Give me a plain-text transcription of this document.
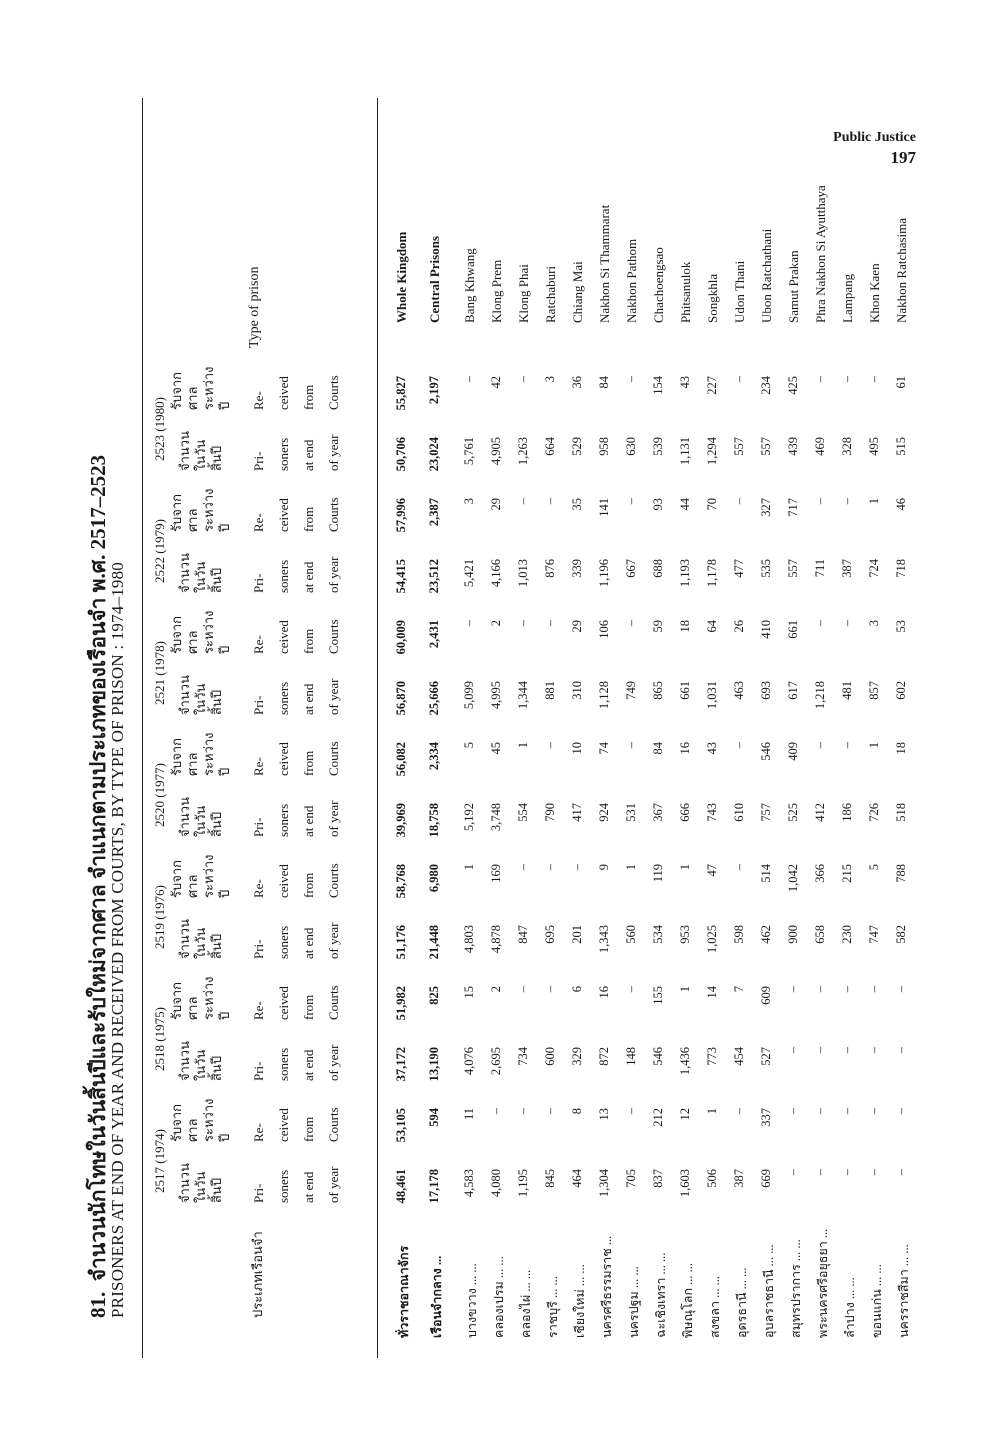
Public Justice
197
81.  จำนวนนักโทษในวันสิ้นปีและรับใหม่จากศาล จำแนกตามประเภทของเรือนจำ พ.ศ. 2517–2523
PRISONERS AT END OF YEAR AND RECEIVED FROM COURTS, BY TYPE OF PRISON : 1974–1980	ประเภทเรือนจำ
Type of prison
2517 (1974) จำนวน ในวัน สิ้นปี
รับจาก ศาล ระหว่าง ปี
Pri- soners at end of year
Re- ceived from Courts
2518 (1975) จำนวน ในวัน สิ้นปี
รับจาก ศาล ระหว่าง ปี
Pri- soners at end of year
Re- ceived from Courts
2519 (1976) จำนวน ในวัน สิ้นปี
รับจาก ศาล ระหว่าง ปี
Pri- soners at end of year
Re- ceived from Courts
2520 (1977) จำนวน ในวัน สิ้นปี
รับจาก ศาล ระหว่าง ปี
Pri- soners at end of year
Re- ceived from Courts
2521 (1978) จำนวน ในวัน สิ้นปี
รับจาก ศาล ระหว่าง ปี
Pri- soners at end of year
Re- ceived from Courts
2522 (1979) จำนวน ในวัน สิ้นปี
รับจาก ศาล ระหว่าง ปี
Pri- soners at end of year
Re- ceived from Courts
2523 (1980) จำนวน ในวัน สิ้นปี
รับจาก ศาล ระหว่าง ปี
Pri- soners at end of year
Re- ceived from Courts
ทั่วราชอาณาจักร
48,461
53,105
37,172
51,982
51,176
58,768
39,969
56,082
56,870
60,009
54,415
57,996
50,706
55,827
Whole Kingdom
เรือนจำกลาง ...
17,178
594
13,190
825
21,448
6,980
18,758
2,334
25,666
2,431
23,512
2,387
23,024
2,197
Central Prisons
บางขวาง ... ...
4,583
11
4,076
15
4,803
1
5,192
5
5,099
–
5,421
3
5,761
–
Bang Khwang
คลองเปรม ... ...
4,080
–
2,695
2
4,878
169
3,748
45
4,995
2
4,166
29
4,905
42
Klong Prem
คลองไผ่ ... ...
1,195
–
734
–
847
–
554
1
1,344
–
1,013
–
1,263
–
Klong Phai
ราชบุรี ... ...
845
–
600
–
695
–
790
–
881
–
876
–
664
3
Ratchaburi
เชียงใหม่ ... ...
464
8
329
6
201
–
417
10
310
29
339
35
529
36
Chiang Mai
นครศรีธรรมราช ...
1,304
13
872
16
1,343
9
924
74
1,128
106
1,196
141
958
84
Nakhon Si Thammarat
นครปฐม ... ...
705
–
148
–
560
1
531
–
749
–
667
–
630
–
Nakhon Pathom
ฉะเชิงเทรา ... ...
837
212
546
155
534
119
367
84
865
59
688
93
539
154
Chachoengsao
พิษณุโลก ... ...
1,603
12
1,436
1
953
1
666
16
661
18
1,193
44
1,131
43
Phitsanulok
สงขลา ... ...
506
1
773
14
1,025
47
743
43
1,031
64
1,178
70
1,294
227
Songkhla
อุดรธานี ... ...
387
–
454
7
598
–
610
–
463
26
477
–
557
–
Udon Thani
อุบลราชธานี ... ...
669
337
527
609
462
514
757
546
693
410
535
327
557
234
Ubon Ratchathani
สมุทรปราการ ... ...
–
–
–
–
900
1,042
525
409
617
661
557
717
439
425
Samut Prakan
พระนครศรีอยุธยา ...
–
–
–
–
658
366
412
–
1,218
–
711
–
469
–
Phra Nakhon Si Ayutthaya
ลำปาง ... ...
–
–
–
–
230
215
186
–
481
–
387
–
328
–
Lampang
ขอนแก่น ... ...
–
–
–
–
747
5
726
1
857
3
724
1
495
–
Khon Kaen
นครราชสีมา ... ...
–
–
–
–
582
788
518
18
602
53
718
46
515
61
Nakhon Ratchasima
